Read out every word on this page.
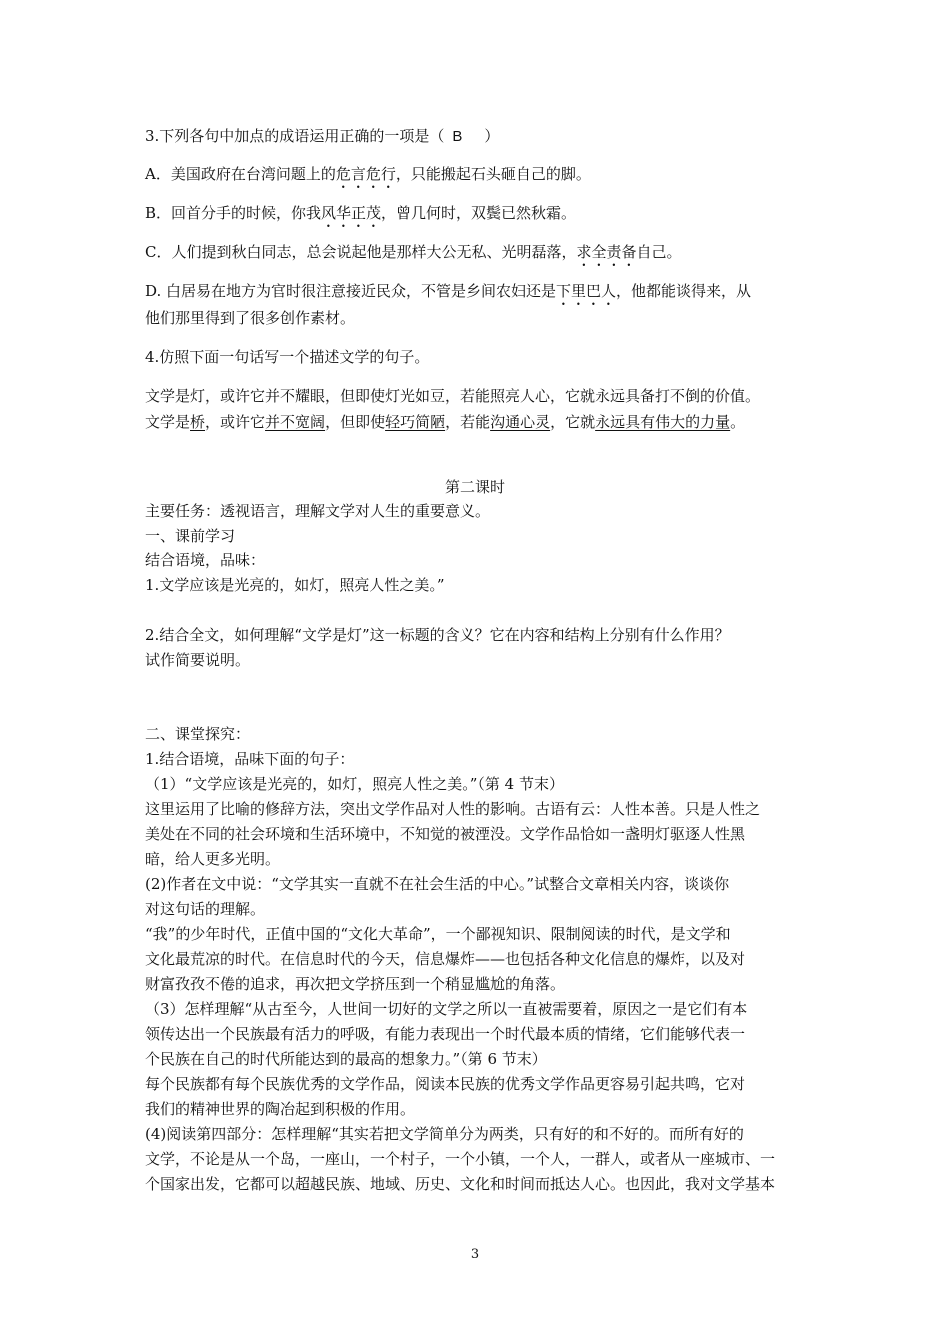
3.下列各句中加点的成语运用正确的一项是（ B ）
A．美国政府在台湾问题上的危言危行，只能搬起石头砸自己的脚。
B．回首分手的时候，你我风华正茂，曾几何时，双鬓已然秋霜。
C．人们提到秋白同志，总会说起他是那样大公无私、光明磊落，求全责备自己。
D. 白居易在地方为官时很注意接近民众，不管是乡间农妇还是下里巴人，他都能谈得来，从
他们那里得到了很多创作素材。
4.仿照下面一句话写一个描述文学的句子。
文学是灯，或许它并不耀眼，但即使灯光如豆，若能照亮人心，它就永远具备打不倒的价值。
文学是桥，或许它并不宽阔，但即使轻巧简陋，若能沟通心灵，它就永远具有伟大的力量。
第二课时
主要任务：透视语言，理解文学对人生的重要意义。
一、课前学习
结合语境，品味：
1.文学应该是光亮的，如灯，照亮人性之美。”
2.结合全文，如何理解“文学是灯”这一标题的含义？它在内容和结构上分别有什么作用？
试作简要说明。
二、课堂探究：
1.结合语境，品味下面的句子：
（1）“文学应该是光亮的，如灯，照亮人性之美。”（第 4 节末）
这里运用了比喻的修辞方法，突出文学作品对人性的影响。古语有云：人性本善。只是人性之
美处在不同的社会环境和生活环境中，不知觉的被湮没。文学作品恰如一盏明灯驱逐人性黑
暗，给人更多光明。
(2)作者在文中说：“文学其实一直就不在社会生活的中心。”试整合文章相关内容，谈谈你
对这句话的理解。
“我”的少年时代，正值中国的“文化大革命”，一个鄙视知识、限制阅读的时代，是文学和
文化最荒凉的时代。在信息时代的今天，信息爆炸——也包括各种文化信息的爆炸，以及对
财富孜孜不倦的追求，再次把文学挤压到一个稍显尴尬的角落。
（3）怎样理解“从古至今，人世间一切好的文学之所以一直被需要着，原因之一是它们有本
领传达出一个民族最有活力的呼吸，有能力表现出一个时代最本质的情绪，它们能够代表一
个民族在自己的时代所能达到的最高的想象力。”（第 6 节末）
每个民族都有每个民族优秀的文学作品，阅读本民族的优秀文学作品更容易引起共鸣，它对
我们的精神世界的陶冶起到积极的作用。
(4)阅读第四部分：怎样理解“其实若把文学简单分为两类，只有好的和不好的。而所有好的
文学，不论是从一个岛，一座山，一个村子，一个小镇，一个人，一群人，或者从一座城市、一
个国家出发，它都可以超越民族、地域、历史、文化和时间而抵达人心。也因此，我对文学基本
3
